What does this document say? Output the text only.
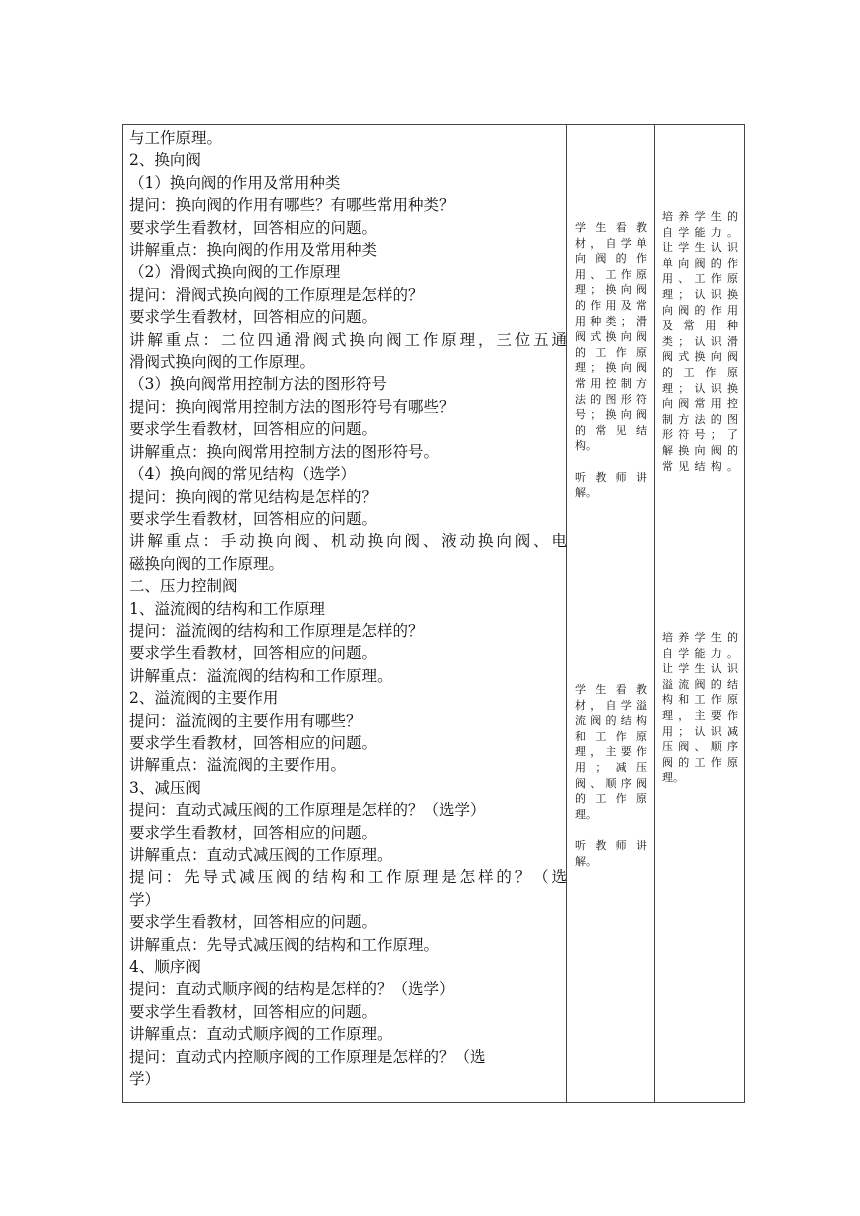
与工作原理。
2、换向阀
（1）换向阀的作用及常用种类
提问：换向阀的作用有哪些？有哪些常用种类？
要求学生看教材，回答相应的问题。
讲解重点：换向阀的作用及常用种类
（2）滑阀式换向阀的工作原理
提问：滑阀式换向阀的工作原理是怎样的？
要求学生看教材，回答相应的问题。
讲解重点：二位四通滑阀式换向阀工作原理，三位五通
滑阀式换向阀的工作原理。
（3）换向阀常用控制方法的图形符号
提问：换向阀常用控制方法的图形符号有哪些？
要求学生看教材，回答相应的问题。
讲解重点：换向阀常用控制方法的图形符号。
（4）换向阀的常见结构（选学）
提问：换向阀的常见结构是怎样的？
要求学生看教材，回答相应的问题。
讲解重点：手动换向阀、机动换向阀、液动换向阀、电
磁换向阀的工作原理。
二、压力控制阀
1、溢流阀的结构和工作原理
提问：溢流阀的结构和工作原理是怎样的？
要求学生看教材，回答相应的问题。
讲解重点：溢流阀的结构和工作原理。
2、溢流阀的主要作用
提问：溢流阀的主要作用有哪些？
要求学生看教材，回答相应的问题。
讲解重点：溢流阀的主要作用。
3、减压阀
提问：直动式减压阀的工作原理是怎样的？（选学）
要求学生看教材，回答相应的问题。
讲解重点：直动式减压阀的工作原理。
提问：先导式减压阀的结构和工作原理是怎样的？（选
学）
要求学生看教材，回答相应的问题。
讲解重点：先导式减压阀的结构和工作原理。
4、顺序阀
提问：直动式顺序阀的结构是怎样的？（选学）
要求学生看教材，回答相应的问题。
讲解重点：直动式顺序阀的工作原理。
提问：直动式内控顺序阀的工作原理是怎样的？（选
学）
学生看教
材，自学单
向阀的作
用、工作原
理；换向阀
的作用及常
用种类；滑
阀式换向阀
的工作原
理；换向阀
常用控制方
法的图形符
号；换向阀
的常见结
构。
听教师讲
解。
学生看教
材，自学溢
流阀的结构
和工作原
理，主要作
用；减压
阀、顺序阀
的工作原
理。
听教师讲
解。
培养学生的
自学能力。
让学生认识
单向阀的作
用、工作原
理；认识换
向阀的作用
及常用种
类；认识滑
阀式换向阀
的工作原
理；认识换
向阀常用控
制方法的图
形符号；了
解换向阀的
常见结构。
培养学生的
自学能力。
让学生认识
溢流阀的结
构和工作原
理，主要作
用；认识减
压阀、顺序
阀的工作原
理。
